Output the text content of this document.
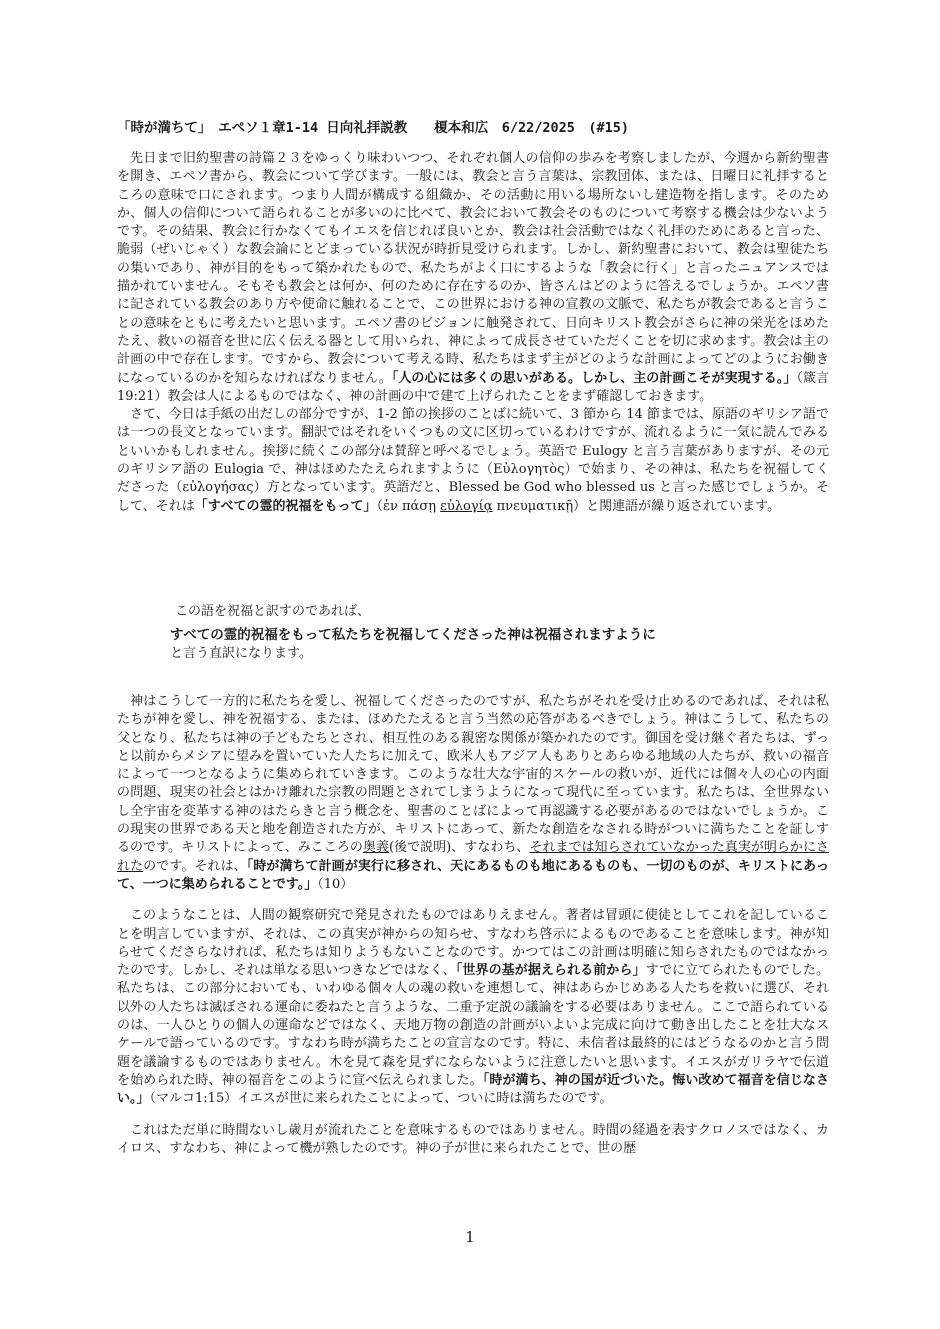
「時が満ちて」　エペソ１章1-14 日向礼拝説教　　榎本和広　6/22/2025　(#15)

先日まで旧約聖書の詩篇２３をゆっくり味わいつつ、それぞれ個人の信仰の歩みを考察しましたが、今週から新約聖書を開き、エペソ書から、教会について学びます。一般には、教会と言う言葉は、宗教団体、または、日曜日に礼拝するところの意味で口にされます。つまり人間が構成する組織か、その活動に用いる場所ないし建造物を指します。そのためか、個人の信仰について語られることが多いのに比べて、教会において教会そのものについて考察する機会は少ないようです。その結果、教会に行かなくてもイエスを信じれば良いとか、教会は社会活動ではなく礼拝のためにあると言った、脆弱（ぜいじゃく）な教会論にとどまっている状況が時折見受けられます。しかし、新約聖書において、教会は聖徒たちの集いであり、神が目的をもって築かれたもので、私たちがよく口にするような「教会に行く」と言ったニュアンスでは描かれていません。そもそも教会とは何か、何のために存在するのか、皆さんはどのように答えるでしょうか。エペソ書に記されている教会のあり方や使命に触れることで、この世界における神の宣教の文脈で、私たちが教会であると言うことの意味をともに考えたいと思います。エペソ書のビジョンに触発されて、日向キリスト教会がさらに神の栄光をほめたたえ、救いの福音を世に広く伝える器として用いられ、神によって成長させていただくことを切に求めます。教会は主の計画の中で存在します。ですから、教会について考える時、私たちはまず主がどのような計画によってどのようにお働きになっているのかを知らなければなりません。「人の心には多くの思いがある。しかし、主の計画こそが実現する。」（箴言19:21）教会は人によるものではなく、神の計画の中で建て上げられたことをまず確認しておきます。

さて、今日は手紙の出だしの部分ですが、1-2 節の挨拶のことばに続いて、3 節から 14 節までは、原語のギリシア語では一つの長文となっています。翻訳ではそれをいくつもの文に区切っているわけですが、流れるように一気に読んでみるといいかもしれません。挨拶に続くこの部分は賛辞と呼べるでしょう。英語で Eulogy と言う言葉がありますが、その元のギリシア語の Eulogia で、神はほめたたえられますように（Εὐλογητὸς）で始まり、その神は、私たちを祝福してくださった（εὐλογήσας）方となっています。英語だと、Blessed be God who blessed us と言った感じでしょうか。そして、それは「すべての霊的祝福をもって」（ἐν πάσῃ εὐλογίᾳ πνευματικῇ）と関連語が繰り返されています。

この語を祝福と訳すのであれば、
すべての霊的祝福をもって私たちを祝福してくださった神は祝福されますように
と言う直訳になります。

神はこうして一方的に私たちを愛し、祝福してくださったのですが、私たちがそれを受け止めるのであれば、それは私たちが神を愛し、神を祝福する、または、ほめたたえると言う当然の応答があるべきでしょう。神はこうして、私たちの父となり、私たちは神の子どもたちとされ、相互性のある親密な関係が築かれたのです。御国を受け継ぐ者たちは、ずっと以前からメシアに望みを置いていた人たちに加えて、欧米人もアジア人もありとあらゆる地域の人たちが、救いの福音によって一つとなるように集められていきます。このような壮大な宇宙的スケールの救いが、近代には個々人の心の内面の問題、現実の社会とはかけ離れた宗教の問題とされてしまうようになって現代に至っています。私たちは、全世界ないし全宇宙を変革する神のはたらきと言う概念を、聖書のことばによって再認識する必要があるのではないでしょうか。この現実の世界である天と地を創造された方が、キリストにあって、新たな創造をなされる時がついに満ちたことを証しするのです。キリストによって、みこころの奥義(後で説明)、すなわち、それまでは知らされていなかった真実が明らかにされたのです。それは、「時が満ちて計画が実行に移され、天にあるものも地にあるものも、一切のものが、キリストにあって、一つに集められることです。」（10）

このようなことは、人間の観察研究で発見されたものではありえません。著者は冒頭に使徒としてこれを記していることを明言していますが、それは、この真実が神からの知らせ、すなわち啓示によるものであることを意味します。神が知らせてくださらなければ、私たちは知りようもないことなのです。かつてはこの計画は明確に知らされたものではなかったのです。しかし、それは単なる思いつきなどではなく、「世界の基が据えられる前から」すでに立てられたものでした。私たちは、この部分においても、いわゆる個々人の魂の救いを連想して、神はあらかじめある人たちを救いに選び、それ以外の人たちは滅ぼされる運命に委ねたと言うような、二重予定説の議論をする必要はありません。ここで語られているのは、一人ひとりの個人の運命などではなく、天地万物の創造の計画がいよいよ完成に向けて動き出したことを壮大なスケールで語っているのです。すなわち時が満ちたことの宣言なのです。特に、未信者は最終的にはどうなるのかと言う問題を議論するものではありません。木を見て森を見ずにならないように注意したいと思います。イエスがガリラヤで伝道を始められた時、神の福音をこのように宣べ伝えられました。「時が満ち、神の国が近づいた。悔い改めて福音を信じなさい。」（マルコ1:15）イエスが世に来られたことによって、ついに時は満ちたのです。

これはただ単に時間ないし歳月が流れたことを意味するものではありません。時間の経過を表すクロノスではなく、カイロス、すなわち、神によって機が熟したのです。神の子が世に来られたことで、世の歴

1
